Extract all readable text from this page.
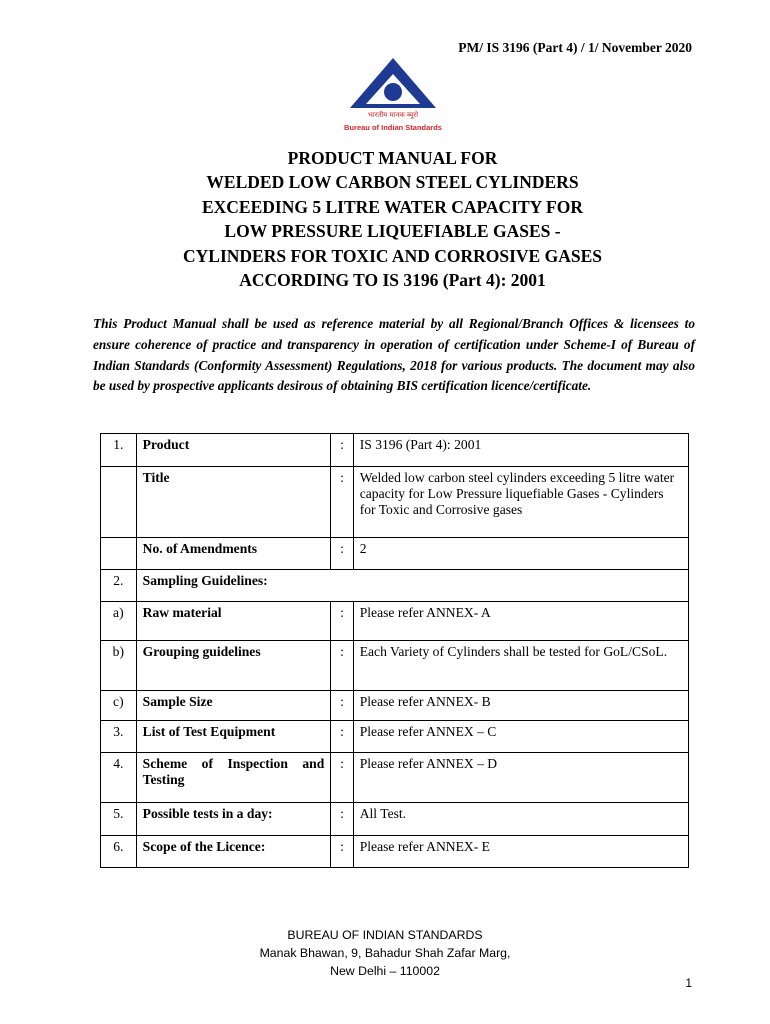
PM/ IS 3196 (Part 4) / 1/ November 2020
भारतीय मानक ब्यूरो
Bureau of Indian Standards
PRODUCT MANUAL FOR
WELDED LOW CARBON STEEL CYLINDERS
EXCEEDING 5 LITRE WATER CAPACITY FOR
LOW PRESSURE LIQUEFIABLE GASES -
CYLINDERS FOR TOXIC AND CORROSIVE GASES
ACCORDING TO IS 3196 (Part 4): 2001
This Product Manual shall be used as reference material by all Regional/Branch Offices & licensees to ensure coherence of practice and transparency in operation of certification under Scheme-I of Bureau of Indian Standards (Conformity Assessment) Regulations, 2018 for various products. The document may also be used by prospective applicants desirous of obtaining BIS certification licence/certificate.
1.	Product	:	IS 3196 (Part 4): 2001
	Title	:	Welded low carbon steel cylinders exceeding 5 litre water capacity for Low Pressure liquefiable Gases - Cylinders for Toxic and Corrosive gases
	No. of Amendments	:	2
2.	Sampling Guidelines:		
a)	Raw material	:	Please refer ANNEX- A
b)	Grouping guidelines	:	Each Variety of Cylinders shall be tested for GoL/CSoL.
c)	Sample Size	:	Please refer ANNEX- B
3.	List of Test Equipment	:	Please refer ANNEX – C
4.	Scheme of Inspection and Testing	:	Please refer ANNEX – D
5.	Possible tests in a day:	:	All Test.
6.	Scope of the Licence:	:	Please refer ANNEX- E
BUREAU OF INDIAN STANDARDS
Manak Bhawan, 9, Bahadur Shah Zafar Marg,
New Delhi – 110002
1
